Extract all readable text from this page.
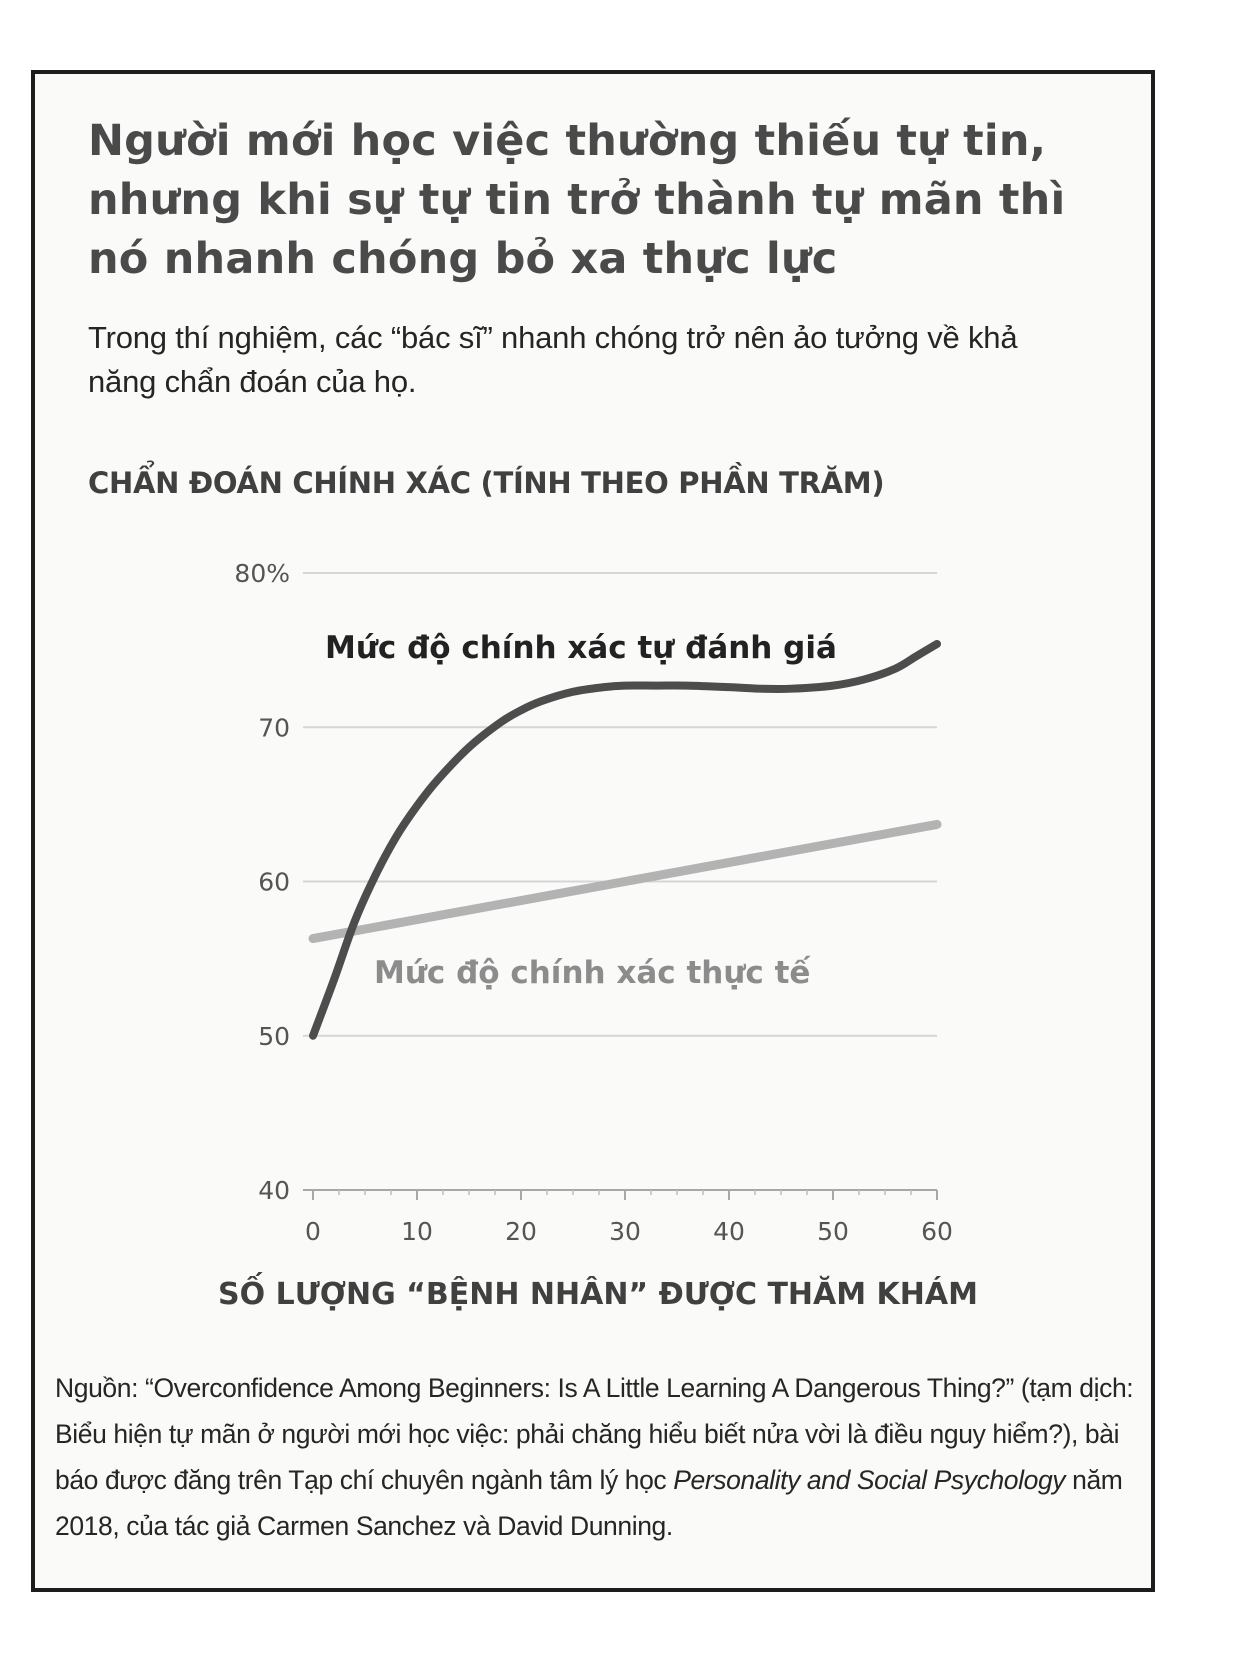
Người mới học việc thường thiếu tự tin, nhưng khi sự tự tin trở thành tự mãn thì nó nhanh chóng bỏ xa thực lực

Trong thí nghiệm, các “bác sĩ” nhanh chóng trở nên ảo tưởng về khả năng chẩn đoán của họ.

CHẨN ĐOÁN CHÍNH XÁC (TÍNH THEO PHẦN TRĂM)

40
50
60
70
80%
0	10	20	30	40	50	60
Mức độ chính xác tự đánh giá
Mức độ chính xác thực tế
SỐ LƯỢNG “BỆNH NHÂN” ĐƯỢC THĂM KHÁM

Nguồn: “Overconfidence Among Beginners: Is A Little Learning A Dangerous Thing?” (tạm dịch: Biểu hiện tự mãn ở người mới học việc: phải chăng hiểu biết nửa vời là điều nguy hiểm?), bài báo được đăng trên Tạp chí chuyên ngành tâm lý học Personality and Social Psychology năm 2018, của tác giả Carmen Sanchez và David Dunning.
